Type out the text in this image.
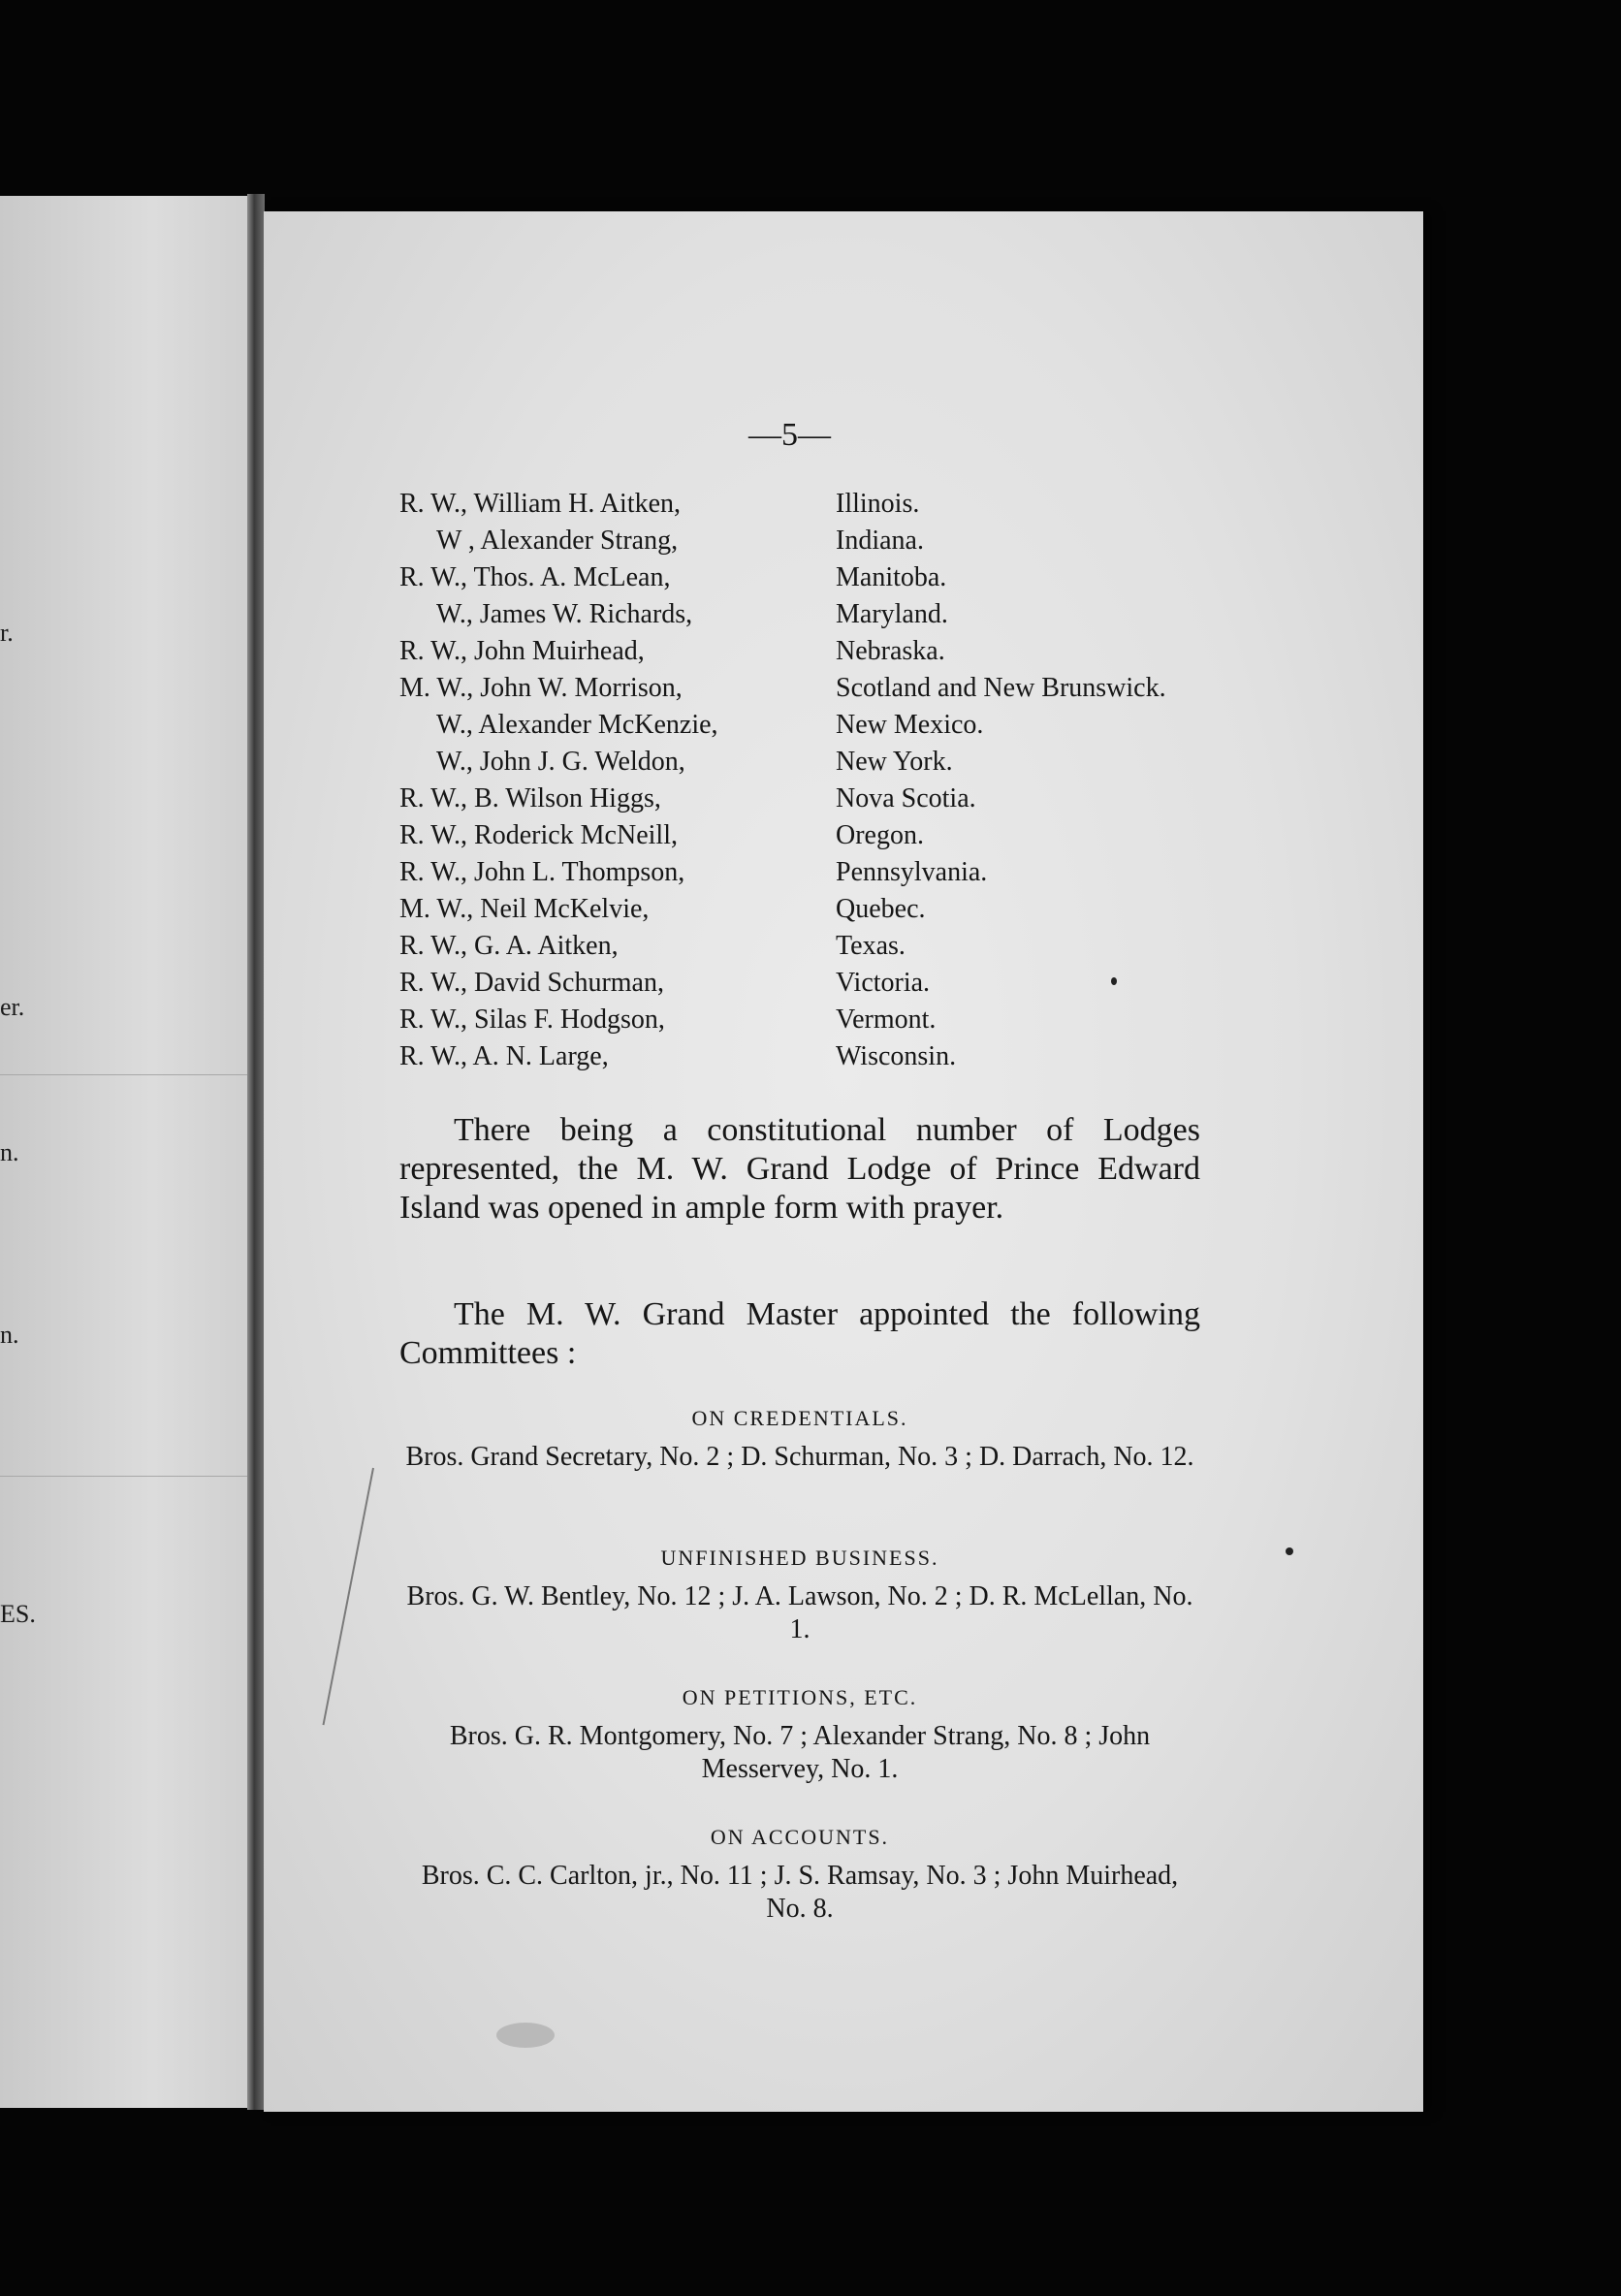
r.
er.
n.
n.
ES.
—5—
R. W., William H. Aitken,	Illinois.
W , Alexander Strang,	Indiana.
R. W., Thos. A. McLean,	Manitoba.
W., James W. Richards,	Maryland.
R. W., John Muirhead,	Nebraska.
M. W., John W. Morrison,	Scotland and New Brunswick.
W., Alexander McKenzie,	New Mexico.
W., John J. G. Weldon,	New York.
R. W., B. Wilson Higgs,	Nova Scotia.
R. W., Roderick McNeill,	Oregon.
R. W., John L. Thompson,	Pennsylvania.
M. W., Neil McKelvie,	Quebec.
R. W., G. A. Aitken,	Texas.
R. W., David Schurman,	Victoria.
R. W., Silas F. Hodgson,	Vermont.
R. W., A. N. Large,	Wisconsin.

There being a constitutional number of Lodges represented, the M. W. Grand Lodge of Prince Edward Island was opened in ample form with prayer.

The M. W. Grand Master appointed the following Committees :

ON CREDENTIALS.
Bros. Grand Secretary, No. 2 ; D. Schurman, No. 3 ; D. Darrach, No. 12.
UNFINISHED BUSINESS.
Bros. G. W. Bentley, No. 12 ; J. A. Lawson, No. 2 ; D. R. McLellan, No. 1.
ON PETITIONS, ETC.
Bros. G. R. Montgomery, No. 7 ; Alexander Strang, No. 8 ; John Messervey, No. 1.
ON ACCOUNTS.
Bros. C. C. Carlton, jr., No. 11 ; J. S. Ramsay, No. 3 ; John Muirhead, No. 8.
